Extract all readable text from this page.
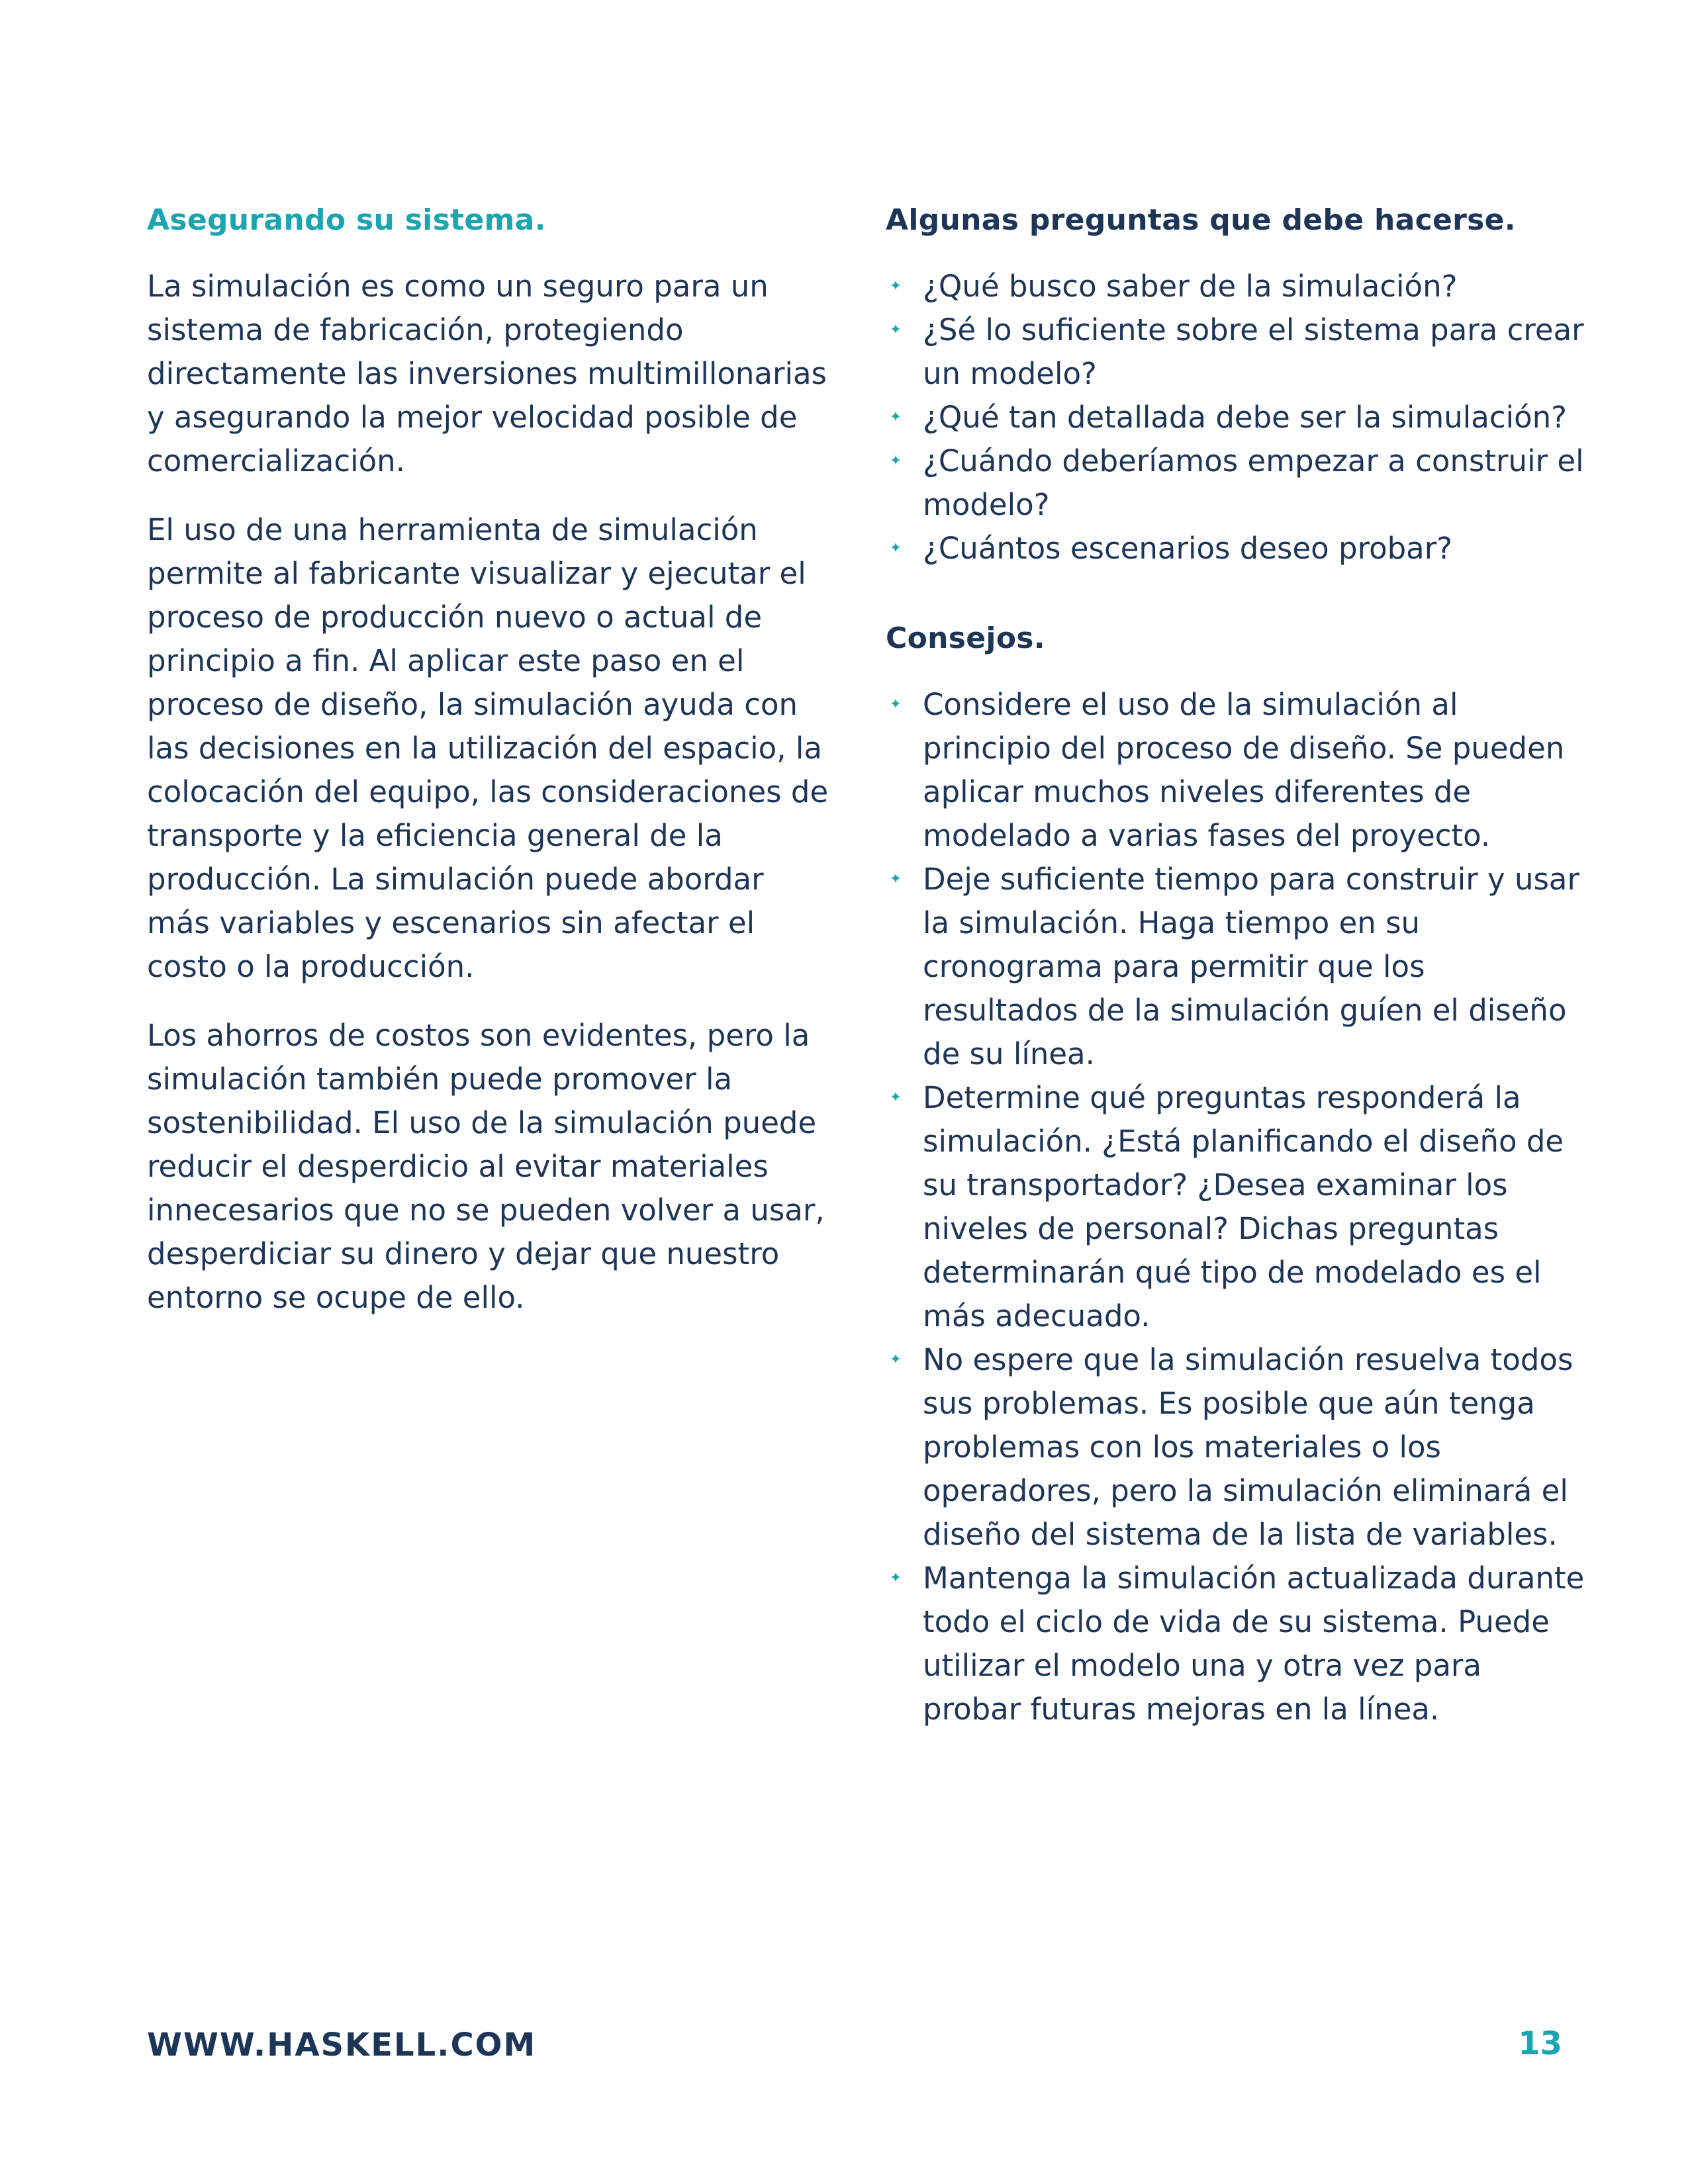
Asegurando su sistema.

La simulación es como un seguro para un sistema de fabricación, protegiendo directamente las inversiones multimillonarias y asegurando la mejor velocidad posible de comercialización.

El uso de una herramienta de simulación permite al fabricante visualizar y ejecutar el proceso de producción nuevo o actual de principio a fin. Al aplicar este paso en el proceso de diseño, la simulación ayuda con las decisiones en la utilización del espacio, la colocación del equipo, las consideraciones de transporte y la eficiencia general de la producción. La simulación puede abordar más variables y escenarios sin afectar el costo o la producción.

Los ahorros de costos son evidentes, pero la simulación también puede promover la sostenibilidad. El uso de la simulación puede reducir el desperdicio al evitar materiales innecesarios que no se pueden volver a usar, desperdiciar su dinero y dejar que nuestro entorno se ocupe de ello.

Algunas preguntas que debe hacerse.
✦ ¿Qué busco saber de la simulación?
✦ ¿Sé lo suficiente sobre el sistema para crear un modelo?
✦ ¿Qué tan detallada debe ser la simulación?
✦ ¿Cuándo deberíamos empezar a construir el modelo?
✦ ¿Cuántos escenarios deseo probar?
Consejos.
✦ Considere el uso de la simulación al principio del proceso de diseño. Se pueden aplicar muchos niveles diferentes de modelado a varias fases del proyecto.
✦ Deje suficiente tiempo para construir y usar la simulación. Haga tiempo en su cronograma para permitir que los resultados de la simulación guíen el diseño de su línea.
✦ Determine qué preguntas responderá la simulación. ¿Está planificando el diseño de su transportador? ¿Desea examinar los niveles de personal? Dichas preguntas determinarán qué tipo de modelado es el más adecuado.
✦ No espere que la simulación resuelva todos sus problemas. Es posible que aún tenga problemas con los materiales o los operadores, pero la simulación eliminará el diseño del sistema de la lista de variables.
✦ Mantenga la simulación actualizada durante todo el ciclo de vida de su sistema. Puede utilizar el modelo una y otra vez para probar futuras mejoras en la línea.
WWW.HASKELL.COM	13
